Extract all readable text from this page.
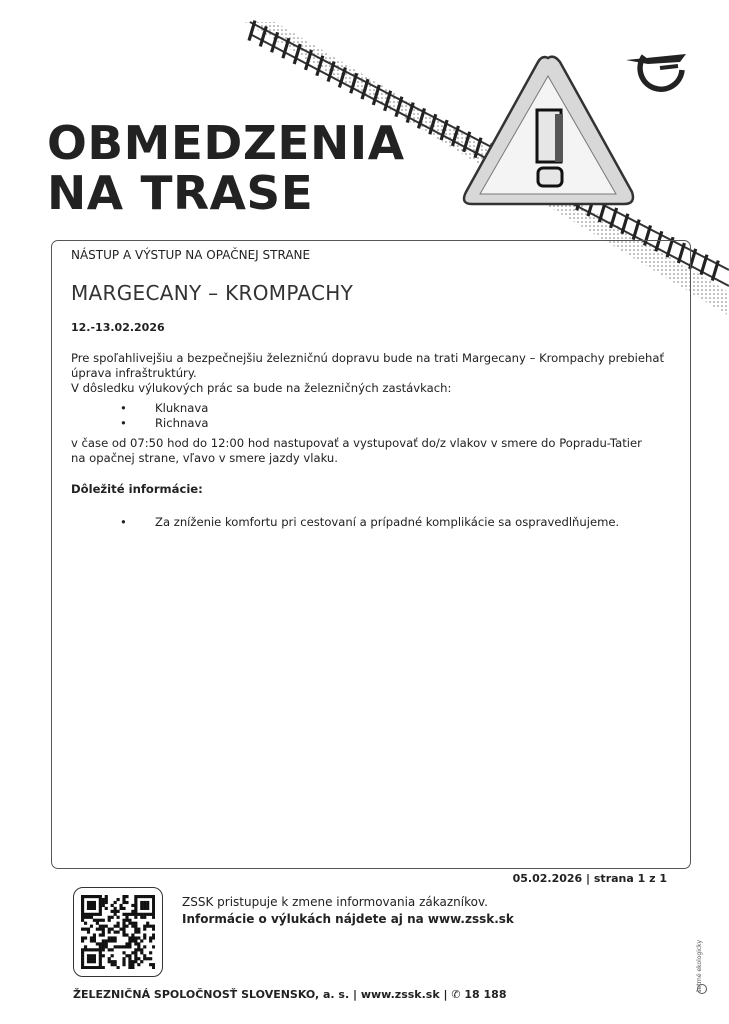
OBMEDZENIA
NA TRASE
NÁSTUP A VÝSTUP NA OPAČNEJ STRANE
MARGECANY – KROMPACHY
12.-13.02.2026
Pre spoľahlivejšiu a bezpečnejšiu železničnú dopravu bude na trati Margecany – Krompachy prebiehať
úprava infraštruktúry.
V dôsledku výlukových prác sa bude na železničných zastávkach:
• Kluknava
• Richnava
v čase od 07:50 hod do 12:00 hod nastupovať a vystupovať do/z vlakov v smere do Popradu-Tatier
na opačnej strane, vľavo v smere jazdy vlaku.
Dôležité informácie:
• Za zníženie komfortu pri cestovaní a prípadné komplikácie sa ospravedlňujeme.
05.02.2026 | strana 1 z 1
ZSSK pristupuje k zmene informovania zákazníkov.
Informácie o výlukách nájdete aj na www.zssk.sk
ŽELEZNIČNÁ SPOLOČNOSŤ SLOVENSKO, a. s. | www.zssk.sk | ✆ 18 188
šetrné ekologicky
